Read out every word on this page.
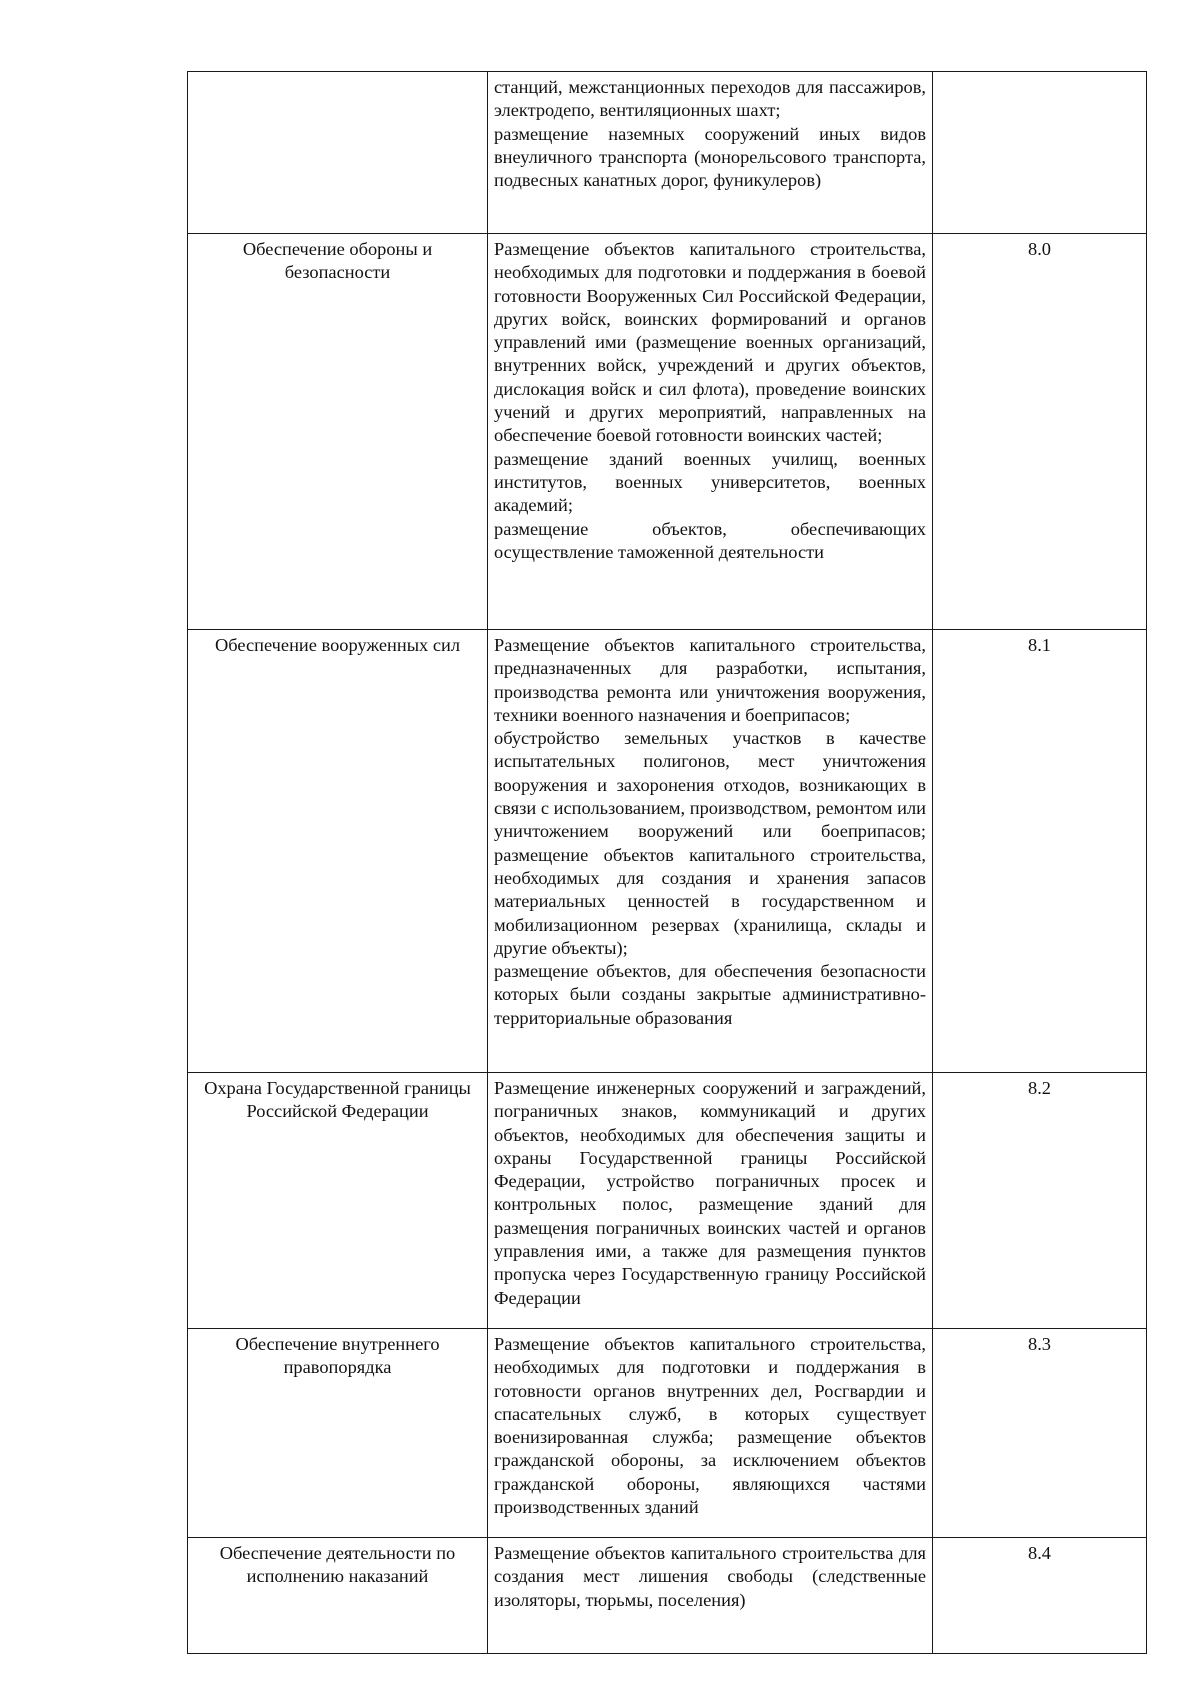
	станций, межстанционных переходов для пассажиров, электродепо, вентиляционных шахт;

размещение наземных сооружений иных видов внеуличного транспорта (монорельсового транспорта, подвесных канатных дорог, фуникулеров)	

Обеспечение обороны и безопасности	Размещение объектов капитального строительства, необходимых для подготовки и поддержания в боевой готовности Вооруженных Сил Российской Федерации, других войск, воинских формирований и органов управлений ими (размещение военных организаций, внутренних войск, учреждений и других объектов, дислокация войск и сил флота), проведение воинских учений и других мероприятий, направленных на обеспечение боевой готовности воинских частей;

размещение зданий военных училищ, военных институтов, военных университетов, военных академий;

размещение объектов, обеспечивающих осуществление таможенной деятельности	8.0
Обеспечение вооруженных сил	Размещение объектов капитального строительства, предназначенных для разработки, испытания, производства ремонта или уничтожения вооружения, техники военного назначения и боеприпасов;

обустройство земельных участков в качестве испытательных полигонов, мест уничтожения вооружения и захоронения отходов, возникающих в связи с использованием, производством, ремонтом или уничтожением вооружений или боеприпасов; размещение объектов капитального строительства, необходимых для создания и хранения запасов материальных ценностей в государственном и мобилизационном резервах (хранилища, склады и другие объекты);

размещение объектов, для обеспечения безопасности которых были созданы закрытые административно-территориальные образования	8.1
Охрана Государственной границы Российской Федерации	Размещение инженерных сооружений и заграждений, пограничных знаков, коммуникаций и других объектов, необходимых для обеспечения защиты и охраны Государственной границы Российской Федерации, устройство пограничных просек и контрольных полос, размещение зданий для размещения пограничных воинских частей и органов управления ими, а также для размещения пунктов пропуска через Государственную границу Российской Федерации	8.2
Обеспечение внутреннего правопорядка	Размещение объектов капитального строительства, необходимых для подготовки и поддержания в готовности органов внутренних дел, Росгвардии и спасательных служб, в которых существует военизированная служба; размещение объектов гражданской обороны, за исключением объектов гражданской обороны, являющихся частями производственных зданий	8.3
Обеспечение деятельности по исполнению наказаний	Размещение объектов капитального строительства для создания мест лишения свободы (следственные изоляторы, тюрьмы, поселения)	8.4
